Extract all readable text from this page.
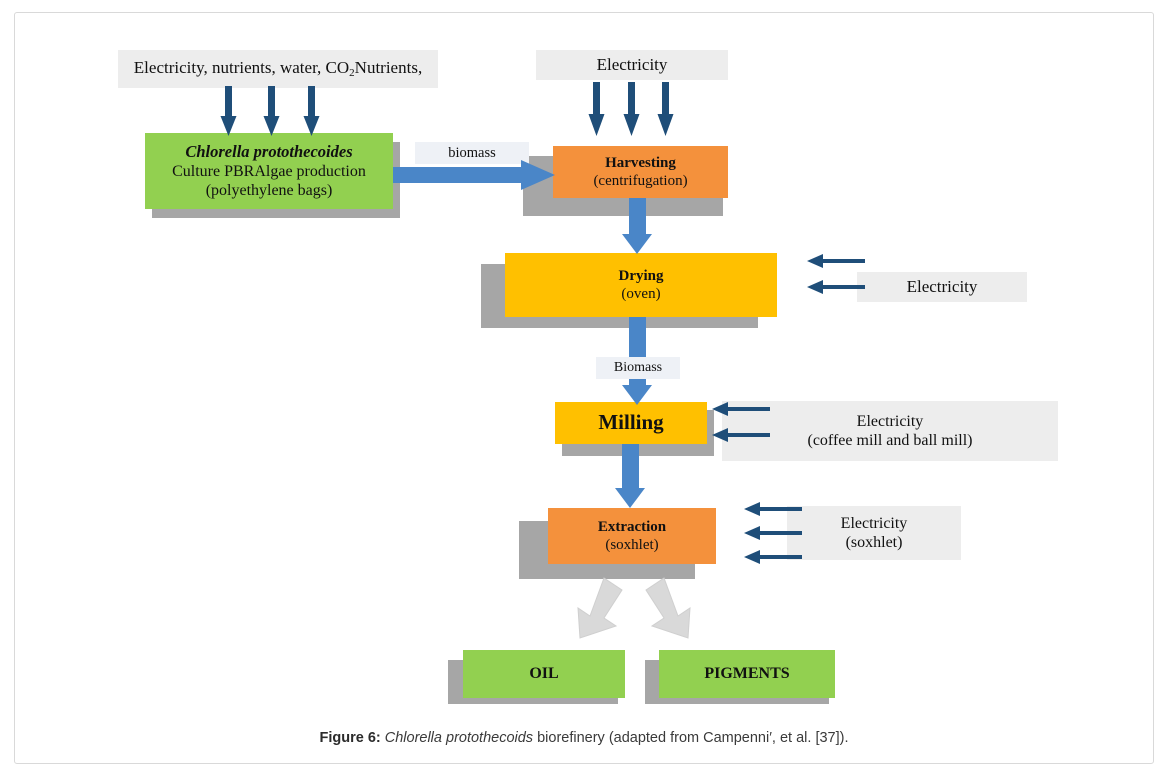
Electricity, nutrients, water, $CO_2Nutrients$,	Electricity
Chlorella protothecoides
Culture PBRAlgae production
(polyethylene bags)
biomass
Harvesting
(centrifugation)
Drying
(oven)	Electricity
Biomass
Milling	Electricity
(coffee mill and ball mill)
Extraction
(soxhlet)
Electricity
(soxhlet)
OIL	PIGMENTS
Figure 6: Chlorella protothecoids biorefinery (adapted from Campenni′, et al. [37]).
